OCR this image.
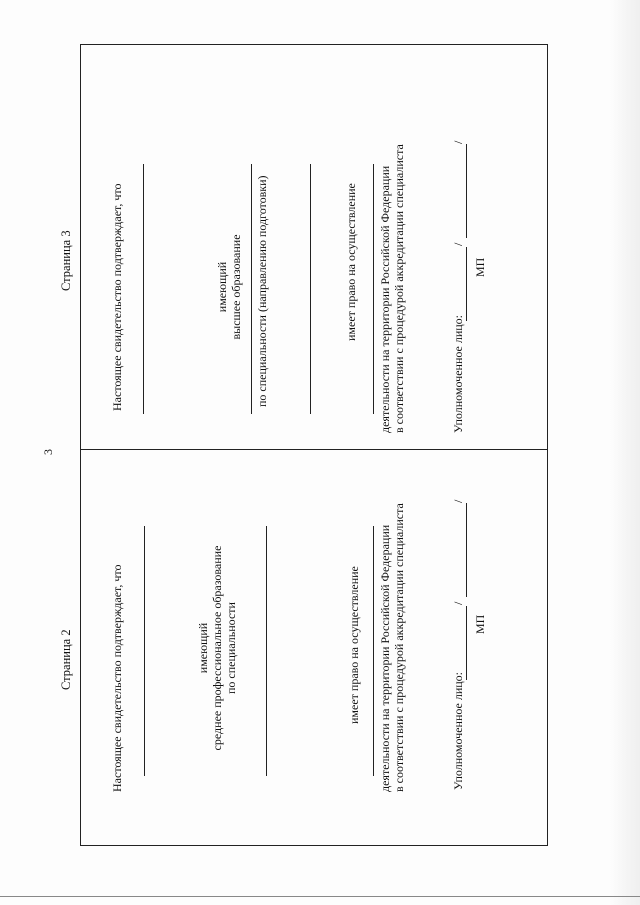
3
Страница 3	Настоящее свидетельство подтверждает, что	имеющий высшее образование по специальности (направлению подготовки)	имеет право на осуществление деятельности на территории Российской Федерации в соответствии с процедурой аккредитации специалиста	Уполномоченное лицо:
/
/
МП
Страница 2	Настоящее свидетельство подтверждает, что	имеющий среднее профессиональное образование по специальности	имеет право на осуществление деятельности на территории Российской Федерации в соответствии с процедурой аккредитации специалиста	Уполномоченное лицо:
/
/
МП
